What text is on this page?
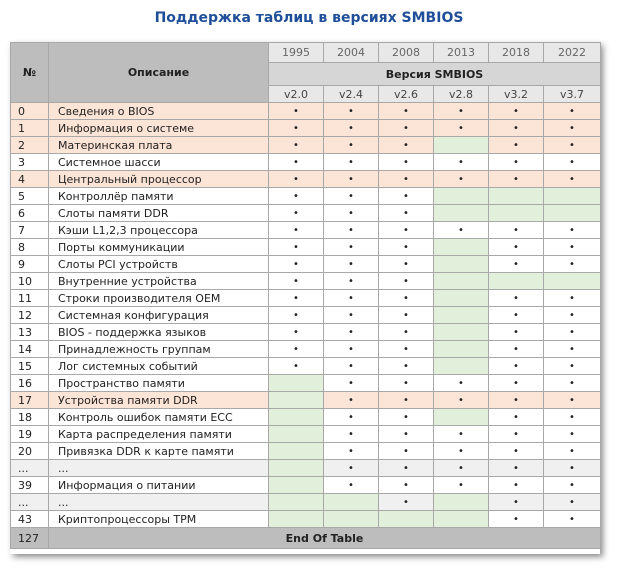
Поддержка таблиц в версиях SMBIOS
№	Описание	1995	2004	2008	2013	2018	2022
		Версия SMBIOS					
		v2.0	v2.4	v2.6	v2.8	v3.2	v3.7
0	Сведения о BIOS	•	•	•	•	•	•
1	Информация о системе	•	•	•	•	•	•
2	Материнская плата	•	•	•		•	•
3	Системное шасси	•	•	•	•	•	•
4	Центральный процессор	•	•	•	•	•	•
5	Контроллёр памяти	•	•	•			
6	Слоты памяти DDR	•	•	•			
7	Кэши L1,2,3 процессора	•	•	•	•	•	•
8	Порты коммуникации	•	•	•		•	•
9	Слоты PCI устройств	•	•	•		•	•
10	Внутренние устройства	•	•	•			
11	Строки производителя OEM	•	•	•		•	•
12	Системная конфигурация	•	•	•		•	•
13	BIOS - поддержка языков	•	•	•		•	•
14	Принадлежность группам	•	•	•		•	•
15	Лог системных событий	•	•	•		•	•
16	Пространство памяти		•	•	•	•	•
17	Устройства памяти DDR		•	•	•	•	•
18	Контроль ошибок памяти ECC		•	•		•	•
19	Карта распределения памяти		•	•	•	•	•
20	Привязка DDR к карте памяти		•	•	•	•	•
...	...		•	•	•	•	•
39	Информация о питании		•	•	•	•	•
...	...			•		•	•
43	Криптопроцессоры TPM					•	•
127	End Of Table						
